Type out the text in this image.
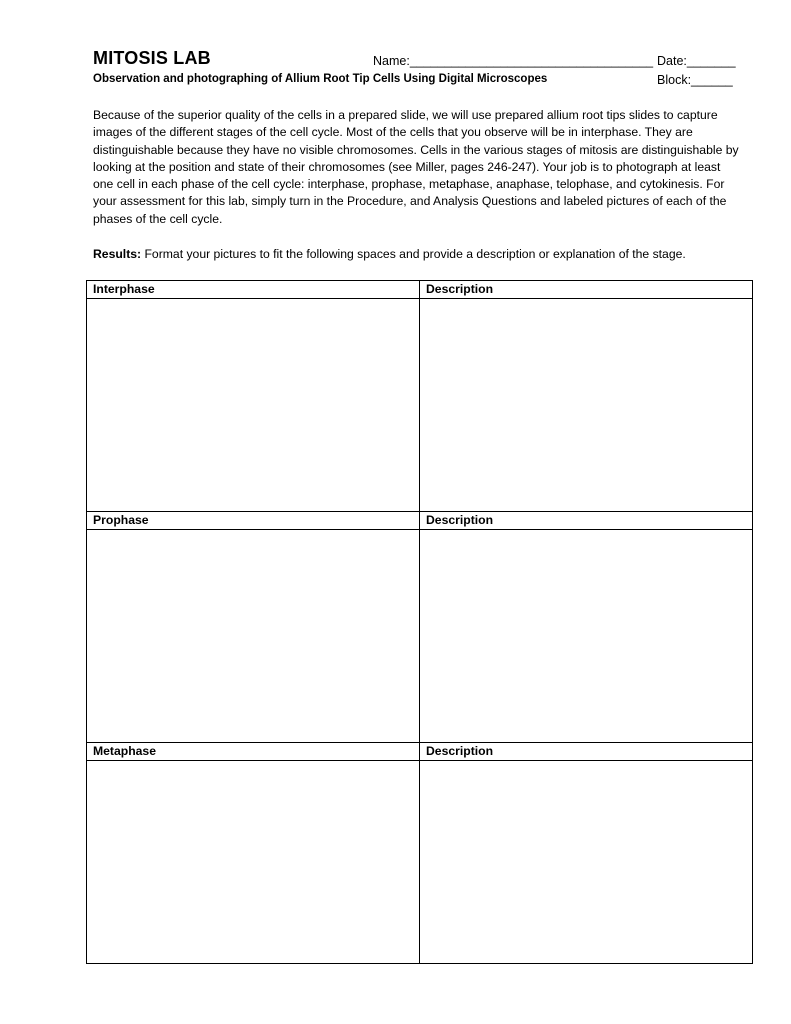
MITOSIS LAB	Name:___________________________________ Date:_______
Observation and photographing of Allium Root Tip Cells Using Digital Microscopes	Block:______

Because of the superior quality of the cells in a prepared slide, we will use prepared allium root tips slides to capture images of the different stages of the cell cycle. Most of the cells that you observe will be in interphase. They are distinguishable because they have no visible chromosomes. Cells in the various stages of mitosis are distinguishable by looking at the position and state of their chromosomes (see Miller, pages 246-247). Your job is to photograph at least one cell in each phase of the cell cycle: interphase, prophase, metaphase, anaphase, telophase, and cytokinesis. For your assessment for this lab, simply turn in the Procedure, and Analysis Questions and labeled pictures of each of the phases of the cell cycle.

Results: Format your pictures to fit the following spaces and provide a description or explanation of the stage.

Interphase	Description

Prophase	Description

Metaphase	Description
